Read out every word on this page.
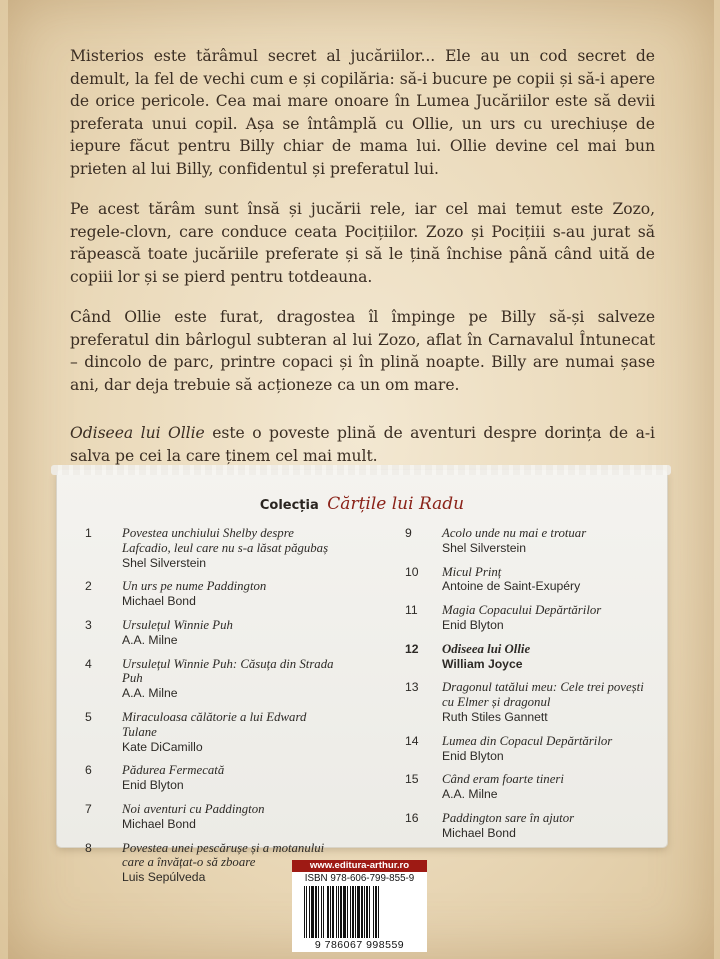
Misterios este tărâmul secret al jucăriilor... Ele au un cod secret de demult, la fel de vechi cum e și copilăria: să-i bucure pe copii și să-i apere de orice pericole. Cea mai mare onoare în Lumea Jucăriilor este să devii preferata unui copil. Așa se întâmplă cu Ollie, un urs cu urechiușe de iepure făcut pentru Billy chiar de mama lui. Ollie devine cel mai bun prieten al lui Billy, confidentul și preferatul lui.

Pe acest tărâm sunt însă și jucării rele, iar cel mai temut este Zozo, regele-clovn, care conduce ceata Pocițiilor. Zozo și Pocițiii s-au jurat să răpească toate jucăriile preferate și să le țină închise până când uită de copiii lor și se pierd pentru totdeauna.

Când Ollie este furat, dragostea îl împinge pe Billy să-și salveze preferatul din bârlogul subteran al lui Zozo, aflat în Carnavalul Întunecat – dincolo de parc, printre copaci și în plină noapte. Billy are numai șase ani, dar deja trebuie să acționeze ca un om mare.

Odiseea lui Ollie este o poveste plină de aventuri despre dorința de a-i salva pe cei la care ținem cel mai mult.

Colecția Cărțile lui Radu
1	Povestea unchiului Shelby despre Lafcadio, leul care nu s-a lăsat păgubaș
Shel Silverstein
2	Un urs pe nume Paddington
Michael Bond
3	Ursulețul Winnie Puh
A.A. Milne
4	Ursulețul Winnie Puh: Căsuța din Strada Puh
A.A. Milne
5	Miraculoasa călătorie a lui Edward Tulane
Kate DiCamillo
6	Pădurea Fermecată
Enid Blyton
7	Noi aventuri cu Paddington
Michael Bond
8	Povestea unei pescărușe și a motanului care a învățat-o să zboare
Luis Sepúlveda
9	Acolo unde nu mai e trotuar
Shel Silverstein
10	Micul Prinț
Antoine de Saint-Exupéry
11	Magia Copacului Depărtărilor
Enid Blyton
12	Odiseea lui Ollie
William Joyce
13	Dragonul tatălui meu: Cele trei povești cu Elmer și dragonul
Ruth Stiles Gannett
14	Lumea din Copacul Depărtărilor
Enid Blyton
15	Când eram foarte tineri
A.A. Milne
16	Paddington sare în ajutor
Michael Bond
www.editura-arthur.ro
ISBN 978-606-799-855-9
9 786067 998559
